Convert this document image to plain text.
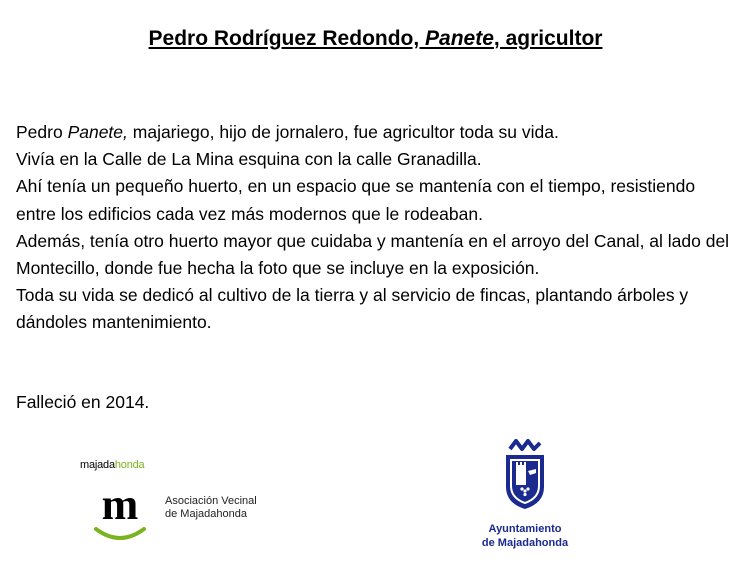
Pedro Rodríguez Redondo, Panete, agricultor

Pedro Panete, majariego, hijo de jornalero, fue agricultor toda su vida.

Vivía en la Calle de La Mina esquina con la calle Granadilla.

Ahí tenía un pequeño huerto, en un espacio que se mantenía con el tiempo, resistiendo entre los edificios cada vez más modernos que le rodeaban.

Además, tenía otro huerto mayor que cuidaba y mantenía en el arroyo del Canal, al lado del Montecillo, donde fue hecha la foto que se incluye en la exposición.

Toda su vida se dedicó al cultivo de la tierra y al servicio de fincas, plantando árboles y dándoles mantenimiento.

Falleció en 2014.
majadahonda
m Asociación Vecinal
de Majadahonda
Ayuntamiento
de Majadahonda
